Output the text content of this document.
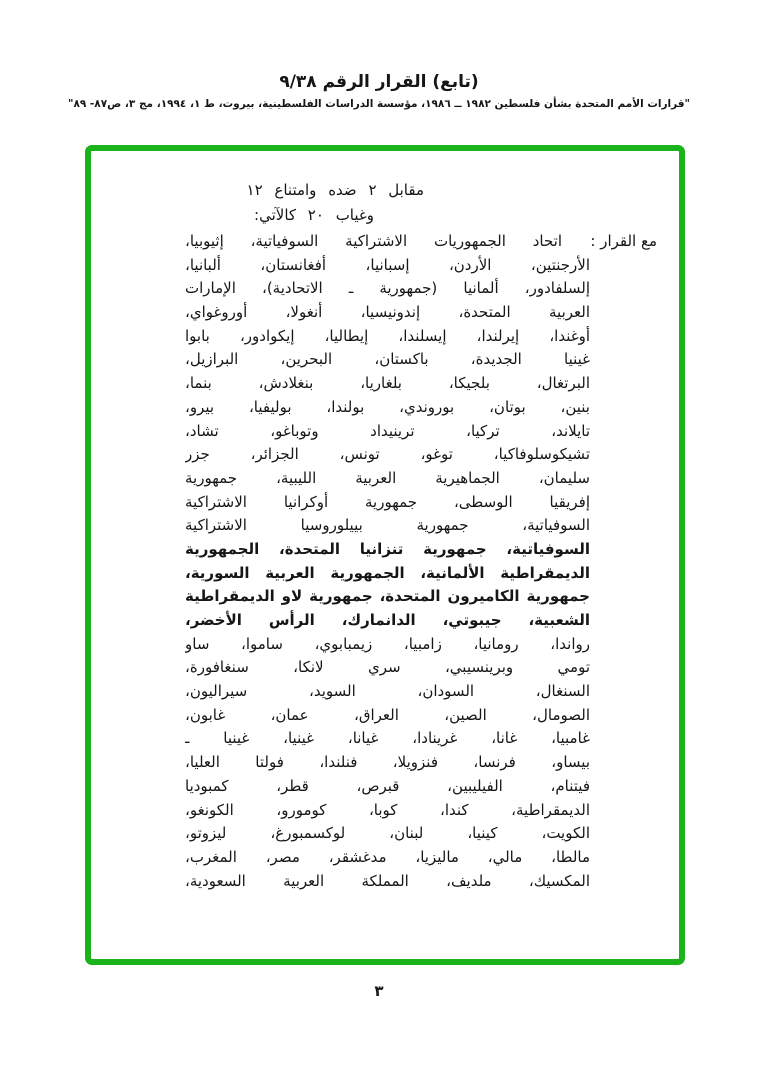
(تابع) القرار الرقم ٩/٣٨
"قرارات الأمم المتحدة بشأن فلسطين ١٩٨٢ ــ ١٩٨٦، مؤسسة الدراسات الفلسطينية، بيروت، ط ١، ١٩٩٤، مج ٣، ص٨٧- ٨٩"
مقابل ٢ ضده وامتناع ١٢
وغياب ٢٠ كالآتي:
مع القرار :
اتحاد الجمهوريات الاشتراكية السوفياتية، إثيوبيا،
الأرجنتين، الأردن، إسبانيا، أفغانستان، ألبانيا،
إلسلفادور، ألمانيا (جمهورية ـ الاتحادية)، الإمارات
العربية المتحدة، إندونيسيا، أنغولا، أوروغواي،
أوغندا، إيرلندا، إيسلندا، إيطاليا، إيكوادور، بابوا
غينيا الجديدة، باكستان، البحرين، البرازيل،
البرتغال، بلجيكا، بلغاريا، بنغلادش، بنما،
بنين، بوتان، بوروندي، بولندا، بوليفيا، بيرو،
تايلاند، تركيا، ترينيداد وتوباغو، تشاد،
تشيكوسلوفاكيا، توغو، تونس، الجزائر، جزر
سليمان، الجماهيرية العربية الليبية، جمهورية
إفريقيا الوسطى، جمهورية أوكرانيا الاشتراكية
السوفياتية، جمهورية بييلوروسيا الاشتراكية
السوفياتية، جمهورية تنزانيا المتحدة، الجمهورية
الديمقراطية الألمانية، الجمهورية العربية السورية،
جمهورية الكاميرون المتحدة، جمهورية لاو الديمقراطية
الشعبية، جيبوتي، الدانمارك، الرأس الأخضر،
رواندا، رومانيا، زامبيا، زيمبابوي، ساموا، ساو
تومي وبرينسيبي، سري لانكا، سنغافورة،
السنغال، السودان، السويد، سيراليون،
الصومال، الصين، العراق، عمان، غابون،
غامبيا، غانا، غرينادا، غيانا، غينيا، غينيا ـ
بيساو، فرنسا، فنزويلا، فنلندا، فولتا العليا،
فيتنام، الفيليبين، قبرص، قطر، كمبوديا
الديمقراطية، كندا، كوبا، كومورو، الكونغو،
الكويت، كينيا، لبنان، لوكسمبورغ، ليزوتو،
مالطا، مالي، ماليزيا، مدغشقر، مصر، المغرب،
المكسيك، ملديف، المملكة العربية السعودية،
٣
